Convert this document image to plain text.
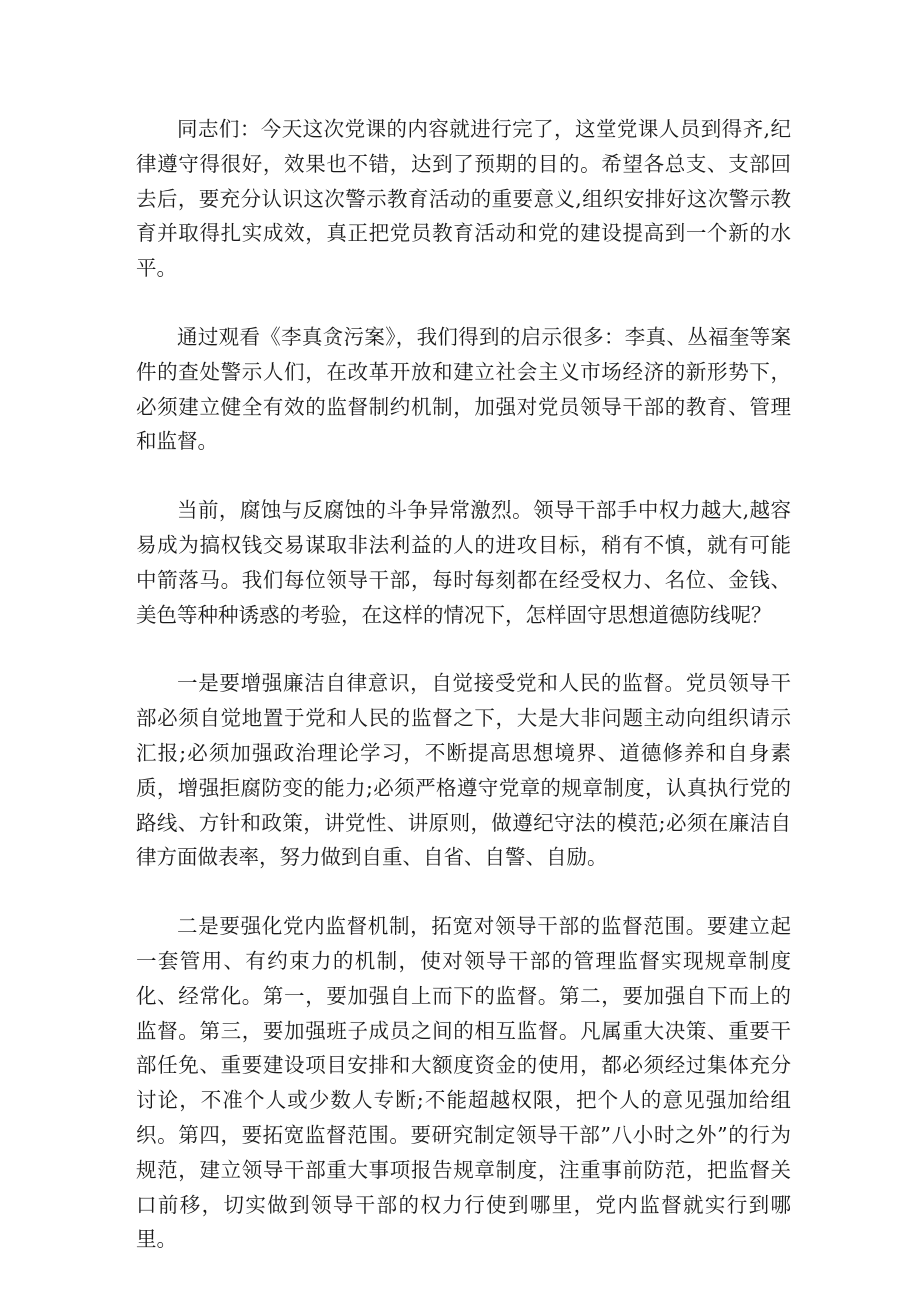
同志们：今天这次党课的内容就进行完了，这堂党课人员到得齐,纪律遵守得很好，效果也不错，达到了预期的目的。希望各总支、支部回去后，要充分认识这次警示教育活动的重要意义,组织安排好这次警示教育并取得扎实成效，真正把党员教育活动和党的建设提高到一个新的水平。

通过观看《李真贪污案》，我们得到的启示很多：李真、丛福奎等案件的查处警示人们，在改革开放和建立社会主义市场经济的新形势下，必须建立健全有效的监督制约机制，加强对党员领导干部的教育、管理和监督。

当前，腐蚀与反腐蚀的斗争异常激烈。领导干部手中权力越大,越容易成为搞权钱交易谋取非法利益的人的进攻目标，稍有不慎，就有可能中箭落马。我们每位领导干部，每时每刻都在经受权力、名位、金钱、美色等种种诱惑的考验，在这样的情况下，怎样固守思想道德防线呢？

一是要增强廉洁自律意识，自觉接受党和人民的监督。党员领导干部必须自觉地置于党和人民的监督之下，大是大非问题主动向组织请示汇报;必须加强政治理论学习，不断提高思想境界、道德修养和自身素质，增强拒腐防变的能力;必须严格遵守党章的规章制度，认真执行党的路线、方针和政策，讲党性、讲原则，做遵纪守法的模范;必须在廉洁自律方面做表率，努力做到自重、自省、自警、自励。

二是要强化党内监督机制，拓宽对领导干部的监督范围。要建立起一套管用、有约束力的机制，使对领导干部的管理监督实现规章制度化、经常化。第一，要加强自上而下的监督。第二，要加强自下而上的监督。第三，要加强班子成员之间的相互监督。凡属重大决策、重要干部任免、重要建设项目安排和大额度资金的使用，都必须经过集体充分讨论，不准个人或少数人专断;不能超越权限，把个人的意见强加给组织。第四，要拓宽监督范围。要研究制定领导干部”八小时之外”的行为规范，建立领导干部重大事项报告规章制度，注重事前防范，把监督关口前移，切实做到领导干部的权力行使到哪里，党内监督就实行到哪里。
